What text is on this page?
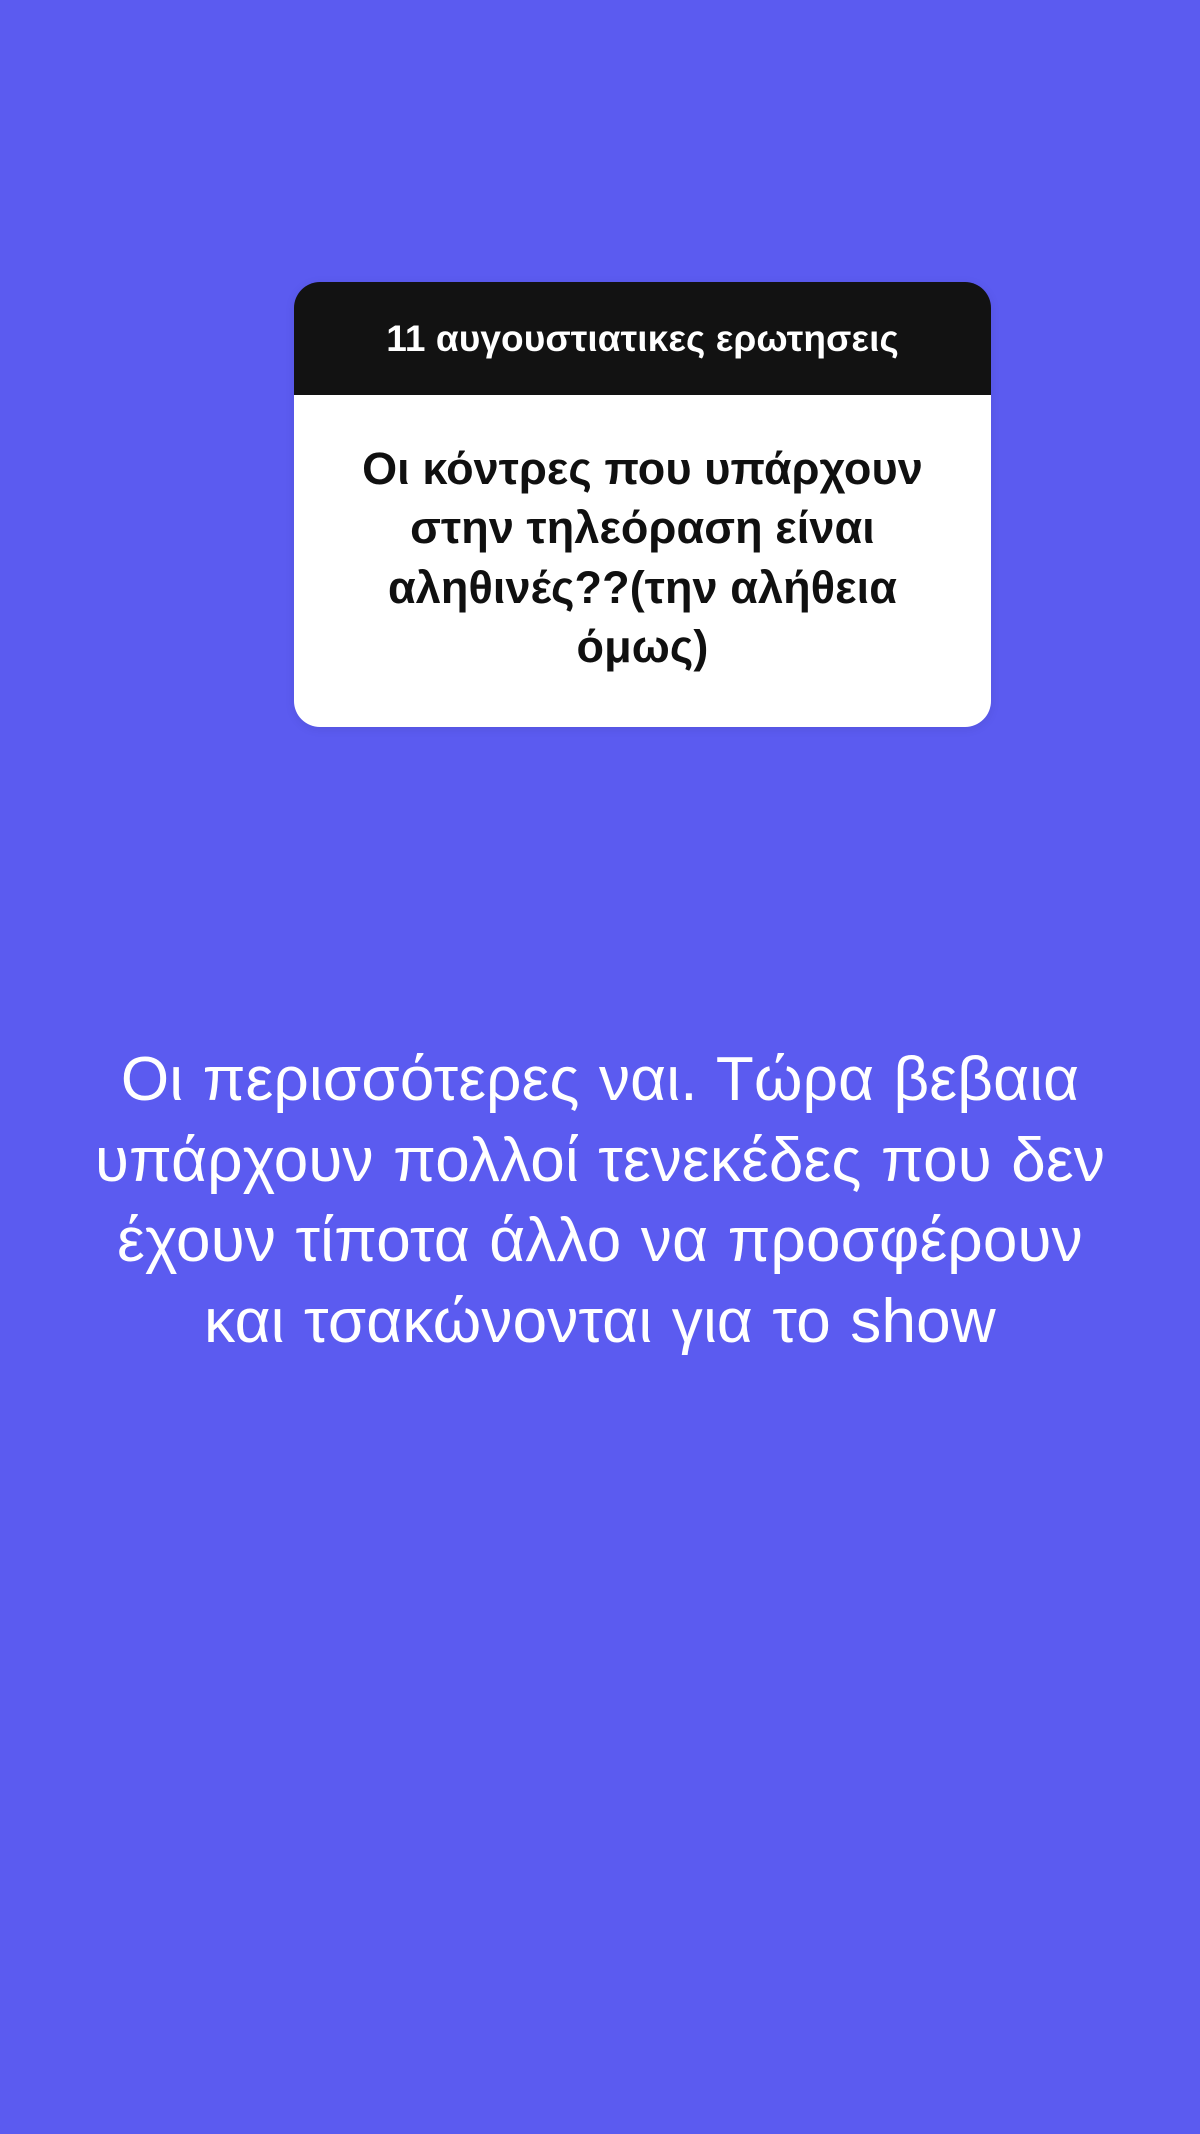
11 αυγουστιατικες ερωτησεις
Οι κόντρες που υπάρχουν στην τηλεόραση είναι αληθινές??(την αλήθεια όμως)
Οι περισσότερες ναι. Τώρα βεβαια υπάρχουν πολλοί τενεκέδες που δεν έχουν τίποτα άλλο να προσφέρουν και τσακώνονται για το show
